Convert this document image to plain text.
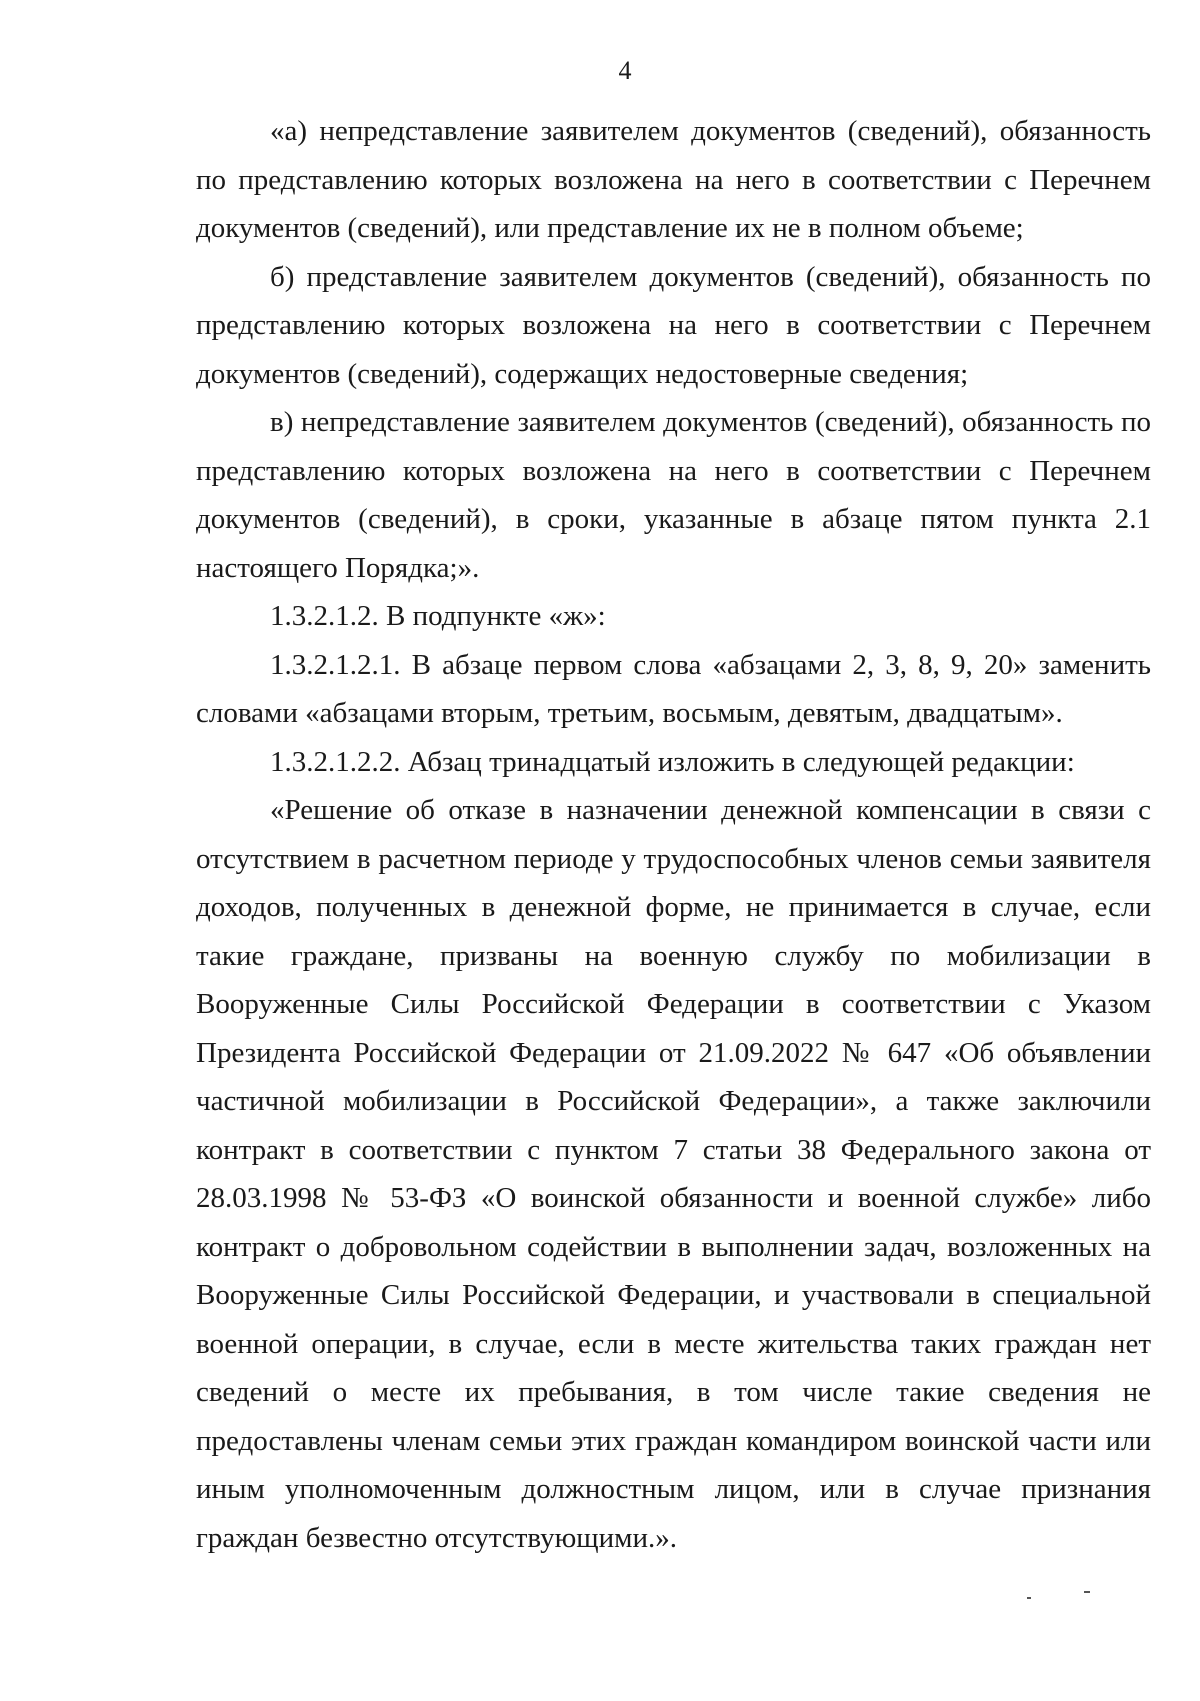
4

«а) непредставление заявителем документов (сведений), обязанность по представлению которых возложена на него в соответствии с Перечнем документов (сведений), или представление их не в полном объеме;

б) представление заявителем документов (сведений), обязанность по представлению которых возложена на него в соответствии с Перечнем документов (сведений), содержащих недостоверные сведения;

в) непредставление заявителем документов (сведений), обязанность по представлению которых возложена на него в соответствии с Перечнем документов (сведений), в сроки, указанные в абзаце пятом пункта 2.1 настоящего Порядка;».

1.3.2.1.2. В подпункте «ж»:

1.3.2.1.2.1. В абзаце первом слова «абзацами 2, 3, 8, 9, 20» заменить словами «абзацами вторым, третьим, восьмым, девятым, двадцатым».

1.3.2.1.2.2. Абзац тринадцатый изложить в следующей редакции:

«Решение об отказе в назначении денежной компенсации в связи с отсутствием в расчетном периоде у трудоспособных членов семьи заявителя доходов, полученных в денежной форме, не принимается в случае, если такие граждане, призваны на военную службу по мобилизации в Вооруженные Силы Российской Федерации в соответствии с Указом Президента Российской Федерации от 21.09.2022 № 647 «Об объявлении частичной мобилизации в Российской Федерации», а также заключили контракт в соответствии с пунктом 7 статьи 38 Федерального закона от 28.03.1998 № 53-ФЗ «О воинской обязанности и военной службе» либо контракт о добровольном содействии в выполнении задач, возложенных на Вооруженные Силы Российской Федерации, и участвовали в специальной военной операции, в случае, если в месте жительства таких граждан нет сведений о месте их пребывания, в том числе такие сведения не предоставлены членам семьи этих граждан командиром воинской части или иным уполномоченным должностным лицом, или в случае признания граждан безвестно отсутствующими.».
